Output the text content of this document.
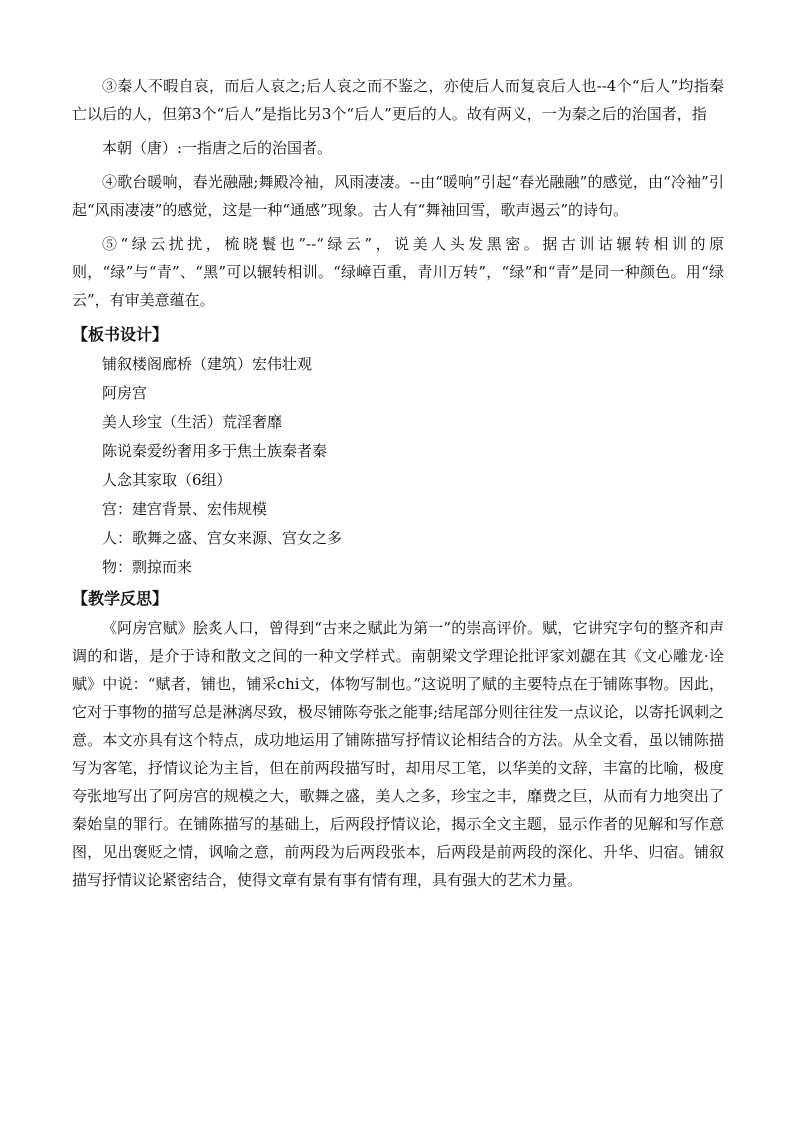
③秦人不暇自哀，而后人哀之;后人哀之而不鉴之，亦使后人而复哀后人也--4个“后人”均指秦亡以后的人，但第3个“后人”是指比另3个“后人”更后的人。故有两义，一为秦之后的治国者，指

本朝（唐）:一指唐之后的治国者。

④歌台暖响，春光融融;舞殿冷袖，风雨凄凄。--由“暖响”引起“春光融融”的感觉，由“冷袖”引起“风雨凄凄”的感觉，这是一种“通感”现象。古人有“舞袖回雪，歌声遏云”的诗句。

⑤“绿云扰扰，梳晓鬟也”--“绿云”，说美人头发黑密。据古训诂辗转相训的原则，“绿”与“青”、“黑”可以辗转相训。“绿嶂百重，青川万转”，“绿”和“青”是同一种颜色。用“绿云”，有审美意蕴在。

【板书设计】

铺叙楼阁廊桥（建筑）宏伟壮观

阿房宫

美人珍宝（生活）荒淫奢靡

陈说秦爱纷奢用多于焦土族秦者秦

人念其家取（6组）

宫：建宫背景、宏伟规模

人：歌舞之盛、宫女来源、宫女之多

物：剽掠而来

【教学反思】

《阿房宫赋》脍炙人口，曾得到“古来之赋此为第一”的崇高评价。赋，它讲究字句的整齐和声调的和谐，是介于诗和散文之间的一种文学样式。南朝梁文学理论批评家刘勰在其《文心雕龙·诠赋》中说：“赋者，铺也，铺采chi文，体物写制也。”这说明了赋的主要特点在于铺陈事物。因此，它对于事物的描写总是淋漓尽致，极尽铺陈夸张之能事;结尾部分则往往发一点议论，以寄托讽刺之意。本文亦具有这个特点，成功地运用了铺陈描写抒情议论相结合的方法。从全文看，虽以铺陈描写为客笔，抒情议论为主旨，但在前两段描写时，却用尽工笔，以华美的文辞，丰富的比喻，极度夸张地写出了阿房宫的规模之大，歌舞之盛，美人之多，珍宝之丰，靡费之巨，从而有力地突出了秦始皇的罪行。在铺陈描写的基础上，后两段抒情议论，揭示全文主题，显示作者的见解和写作意图，见出褒贬之情，讽喻之意，前两段为后两段张本，后两段是前两段的深化、升华、归宿。铺叙描写抒情议论紧密结合，使得文章有景有事有情有理，具有强大的艺术力量。
